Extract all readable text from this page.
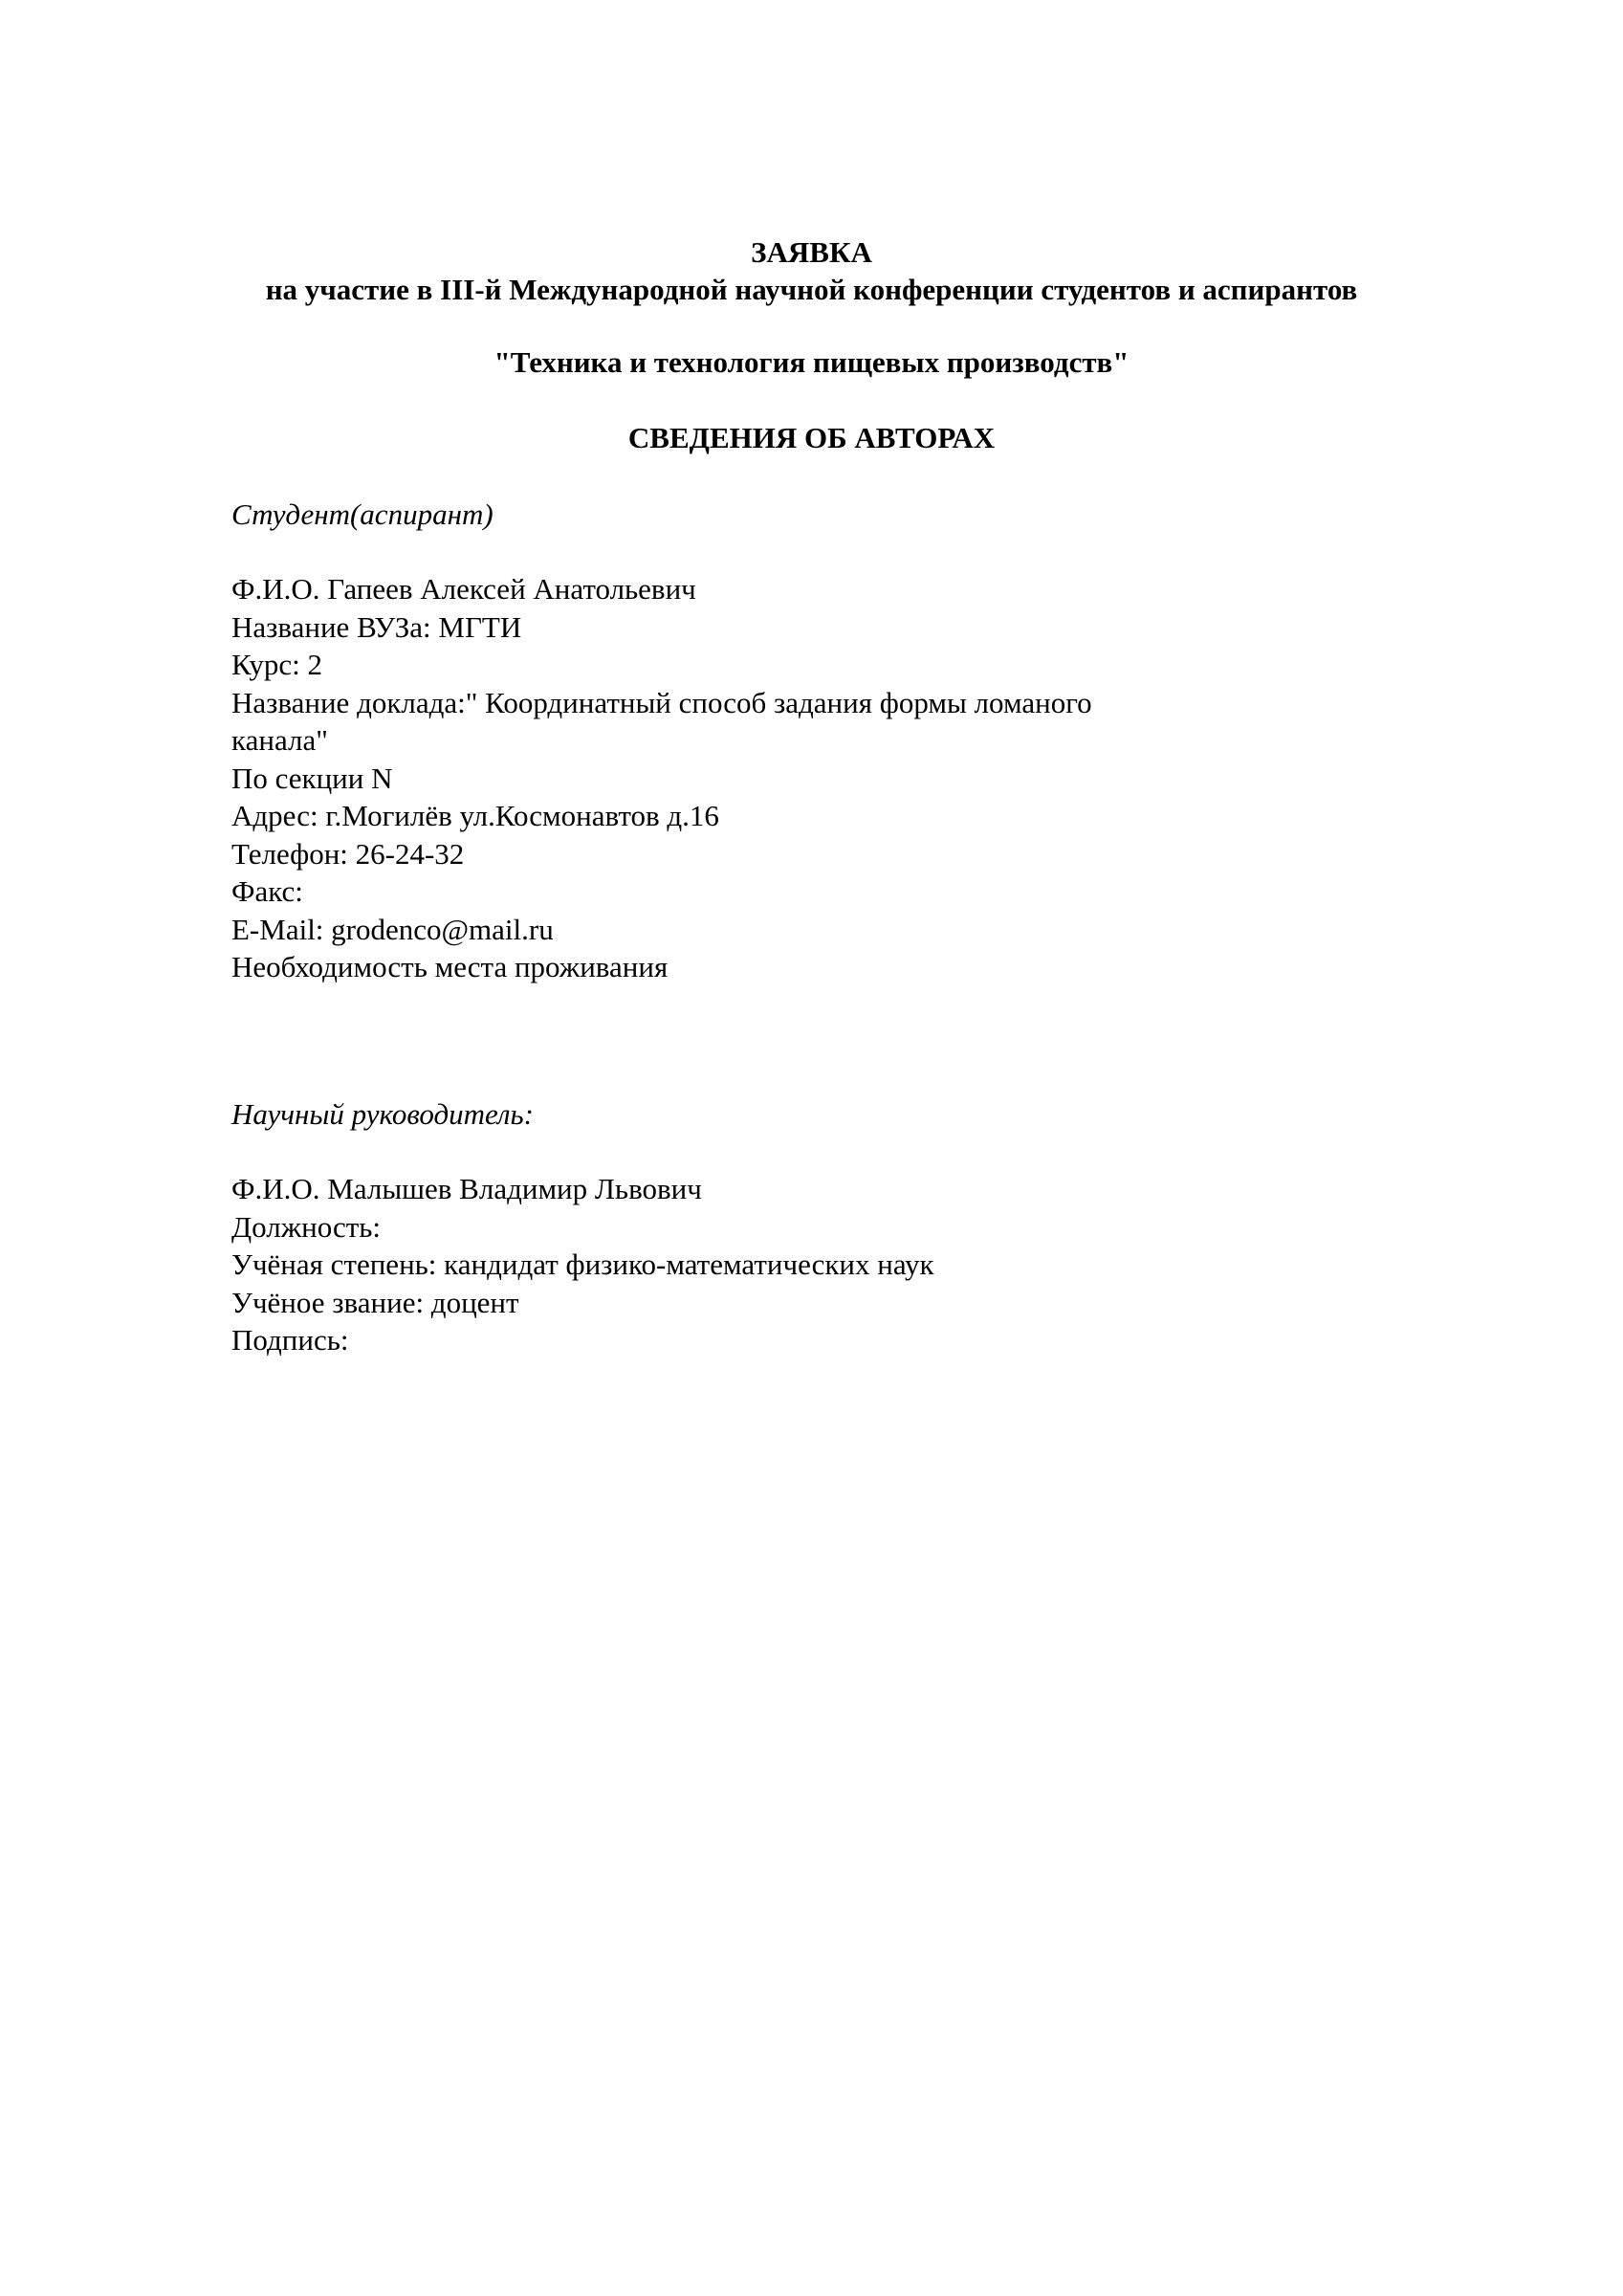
ЗАЯВКА
на участие в III-й Международной научной конференции студентов и аспирантов
"Техника и технология пищевых производств"
СВЕДЕНИЯ ОБ АВТОРАХ
Студент(аспирант)
Ф.И.О. Гапеев Алексей Анатольевич
Название ВУЗа: МГТИ
Курс: 2
Название доклада:" Координатный способ задания формы ломаного
канала"
По секции N
Адрес: г.Могилёв ул.Космонавтов д.16
Телефон: 26-24-32
Факс:
E-Mail: grodenco@mail.ru
Необходимость места проживания
Научный руководитель:
Ф.И.О. Малышев Владимир Львович
Должность:
Учёная степень: кандидат физико-математических наук
Учёное звание: доцент
Подпись:
